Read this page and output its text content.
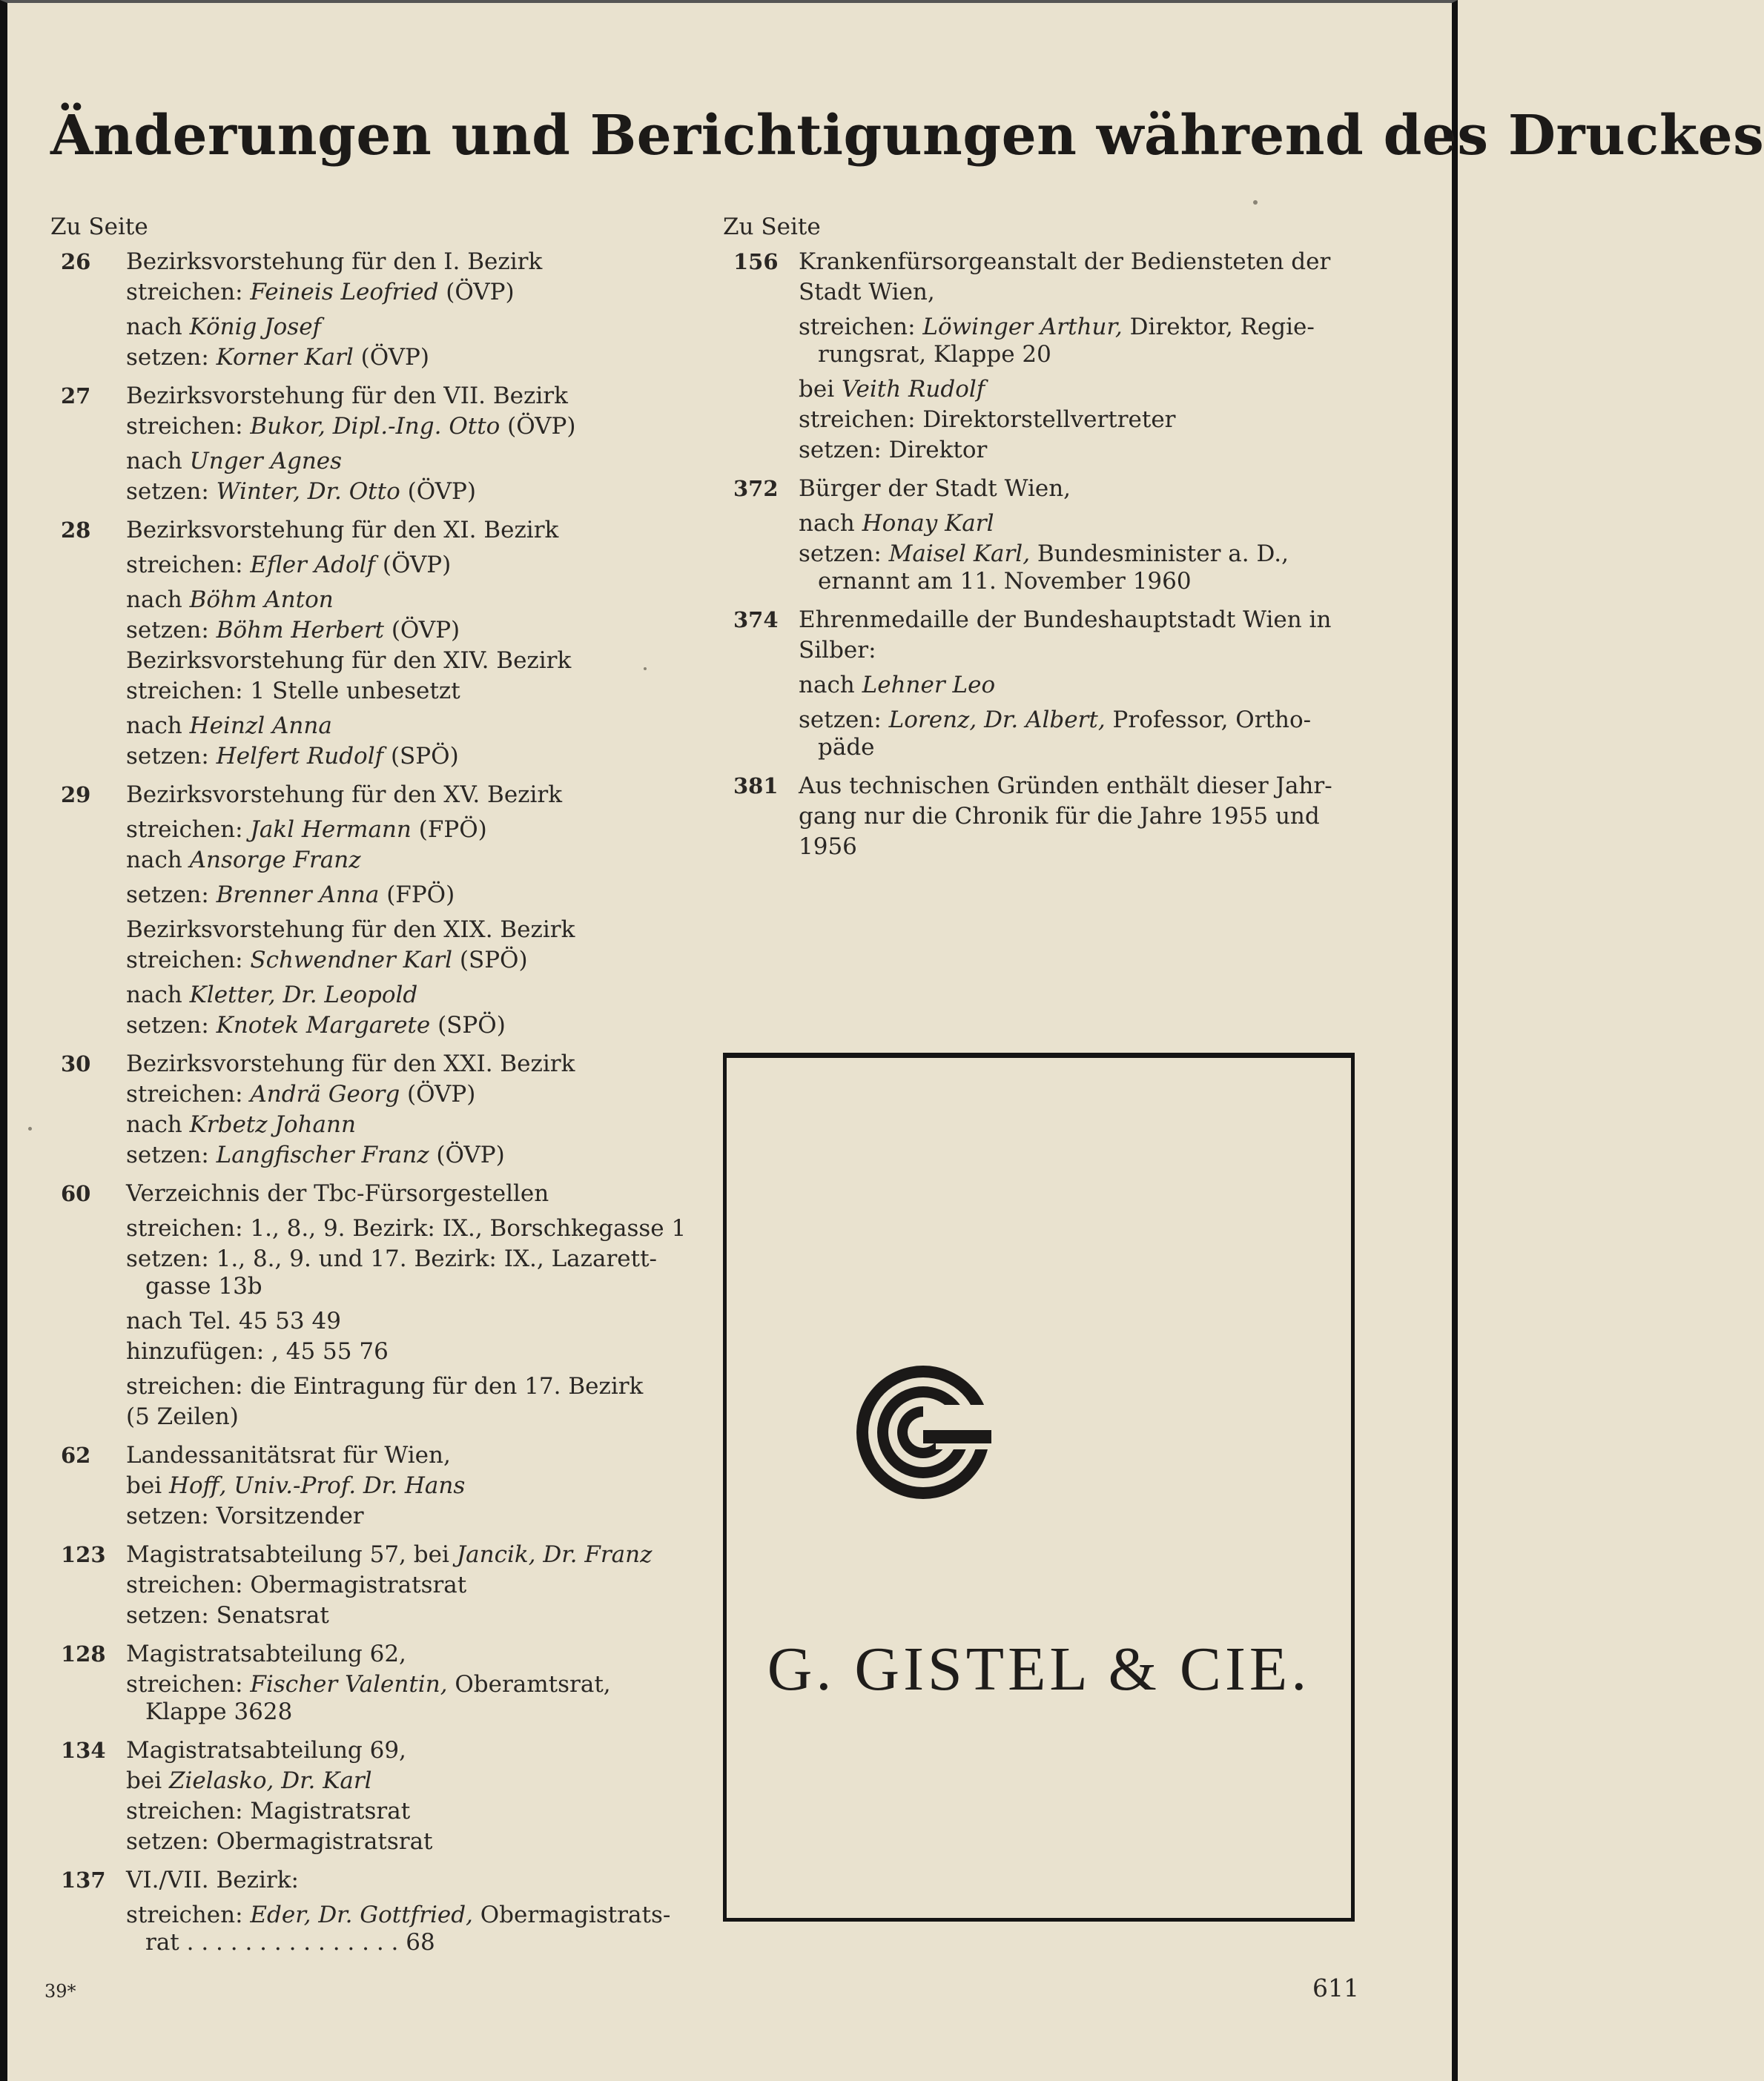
Änderungen und Berichtigungen während des Druckes
Zu Seite
26	Bezirksvorstehung für den I. Bezirk
streichen: Feineis Leofried (ÖVP)
nach König Josef
setzen: Korner Karl (ÖVP)
27	Bezirksvorstehung für den VII. Bezirk
streichen: Bukor, Dipl.-Ing. Otto (ÖVP)
nach Unger Agnes
setzen: Winter, Dr. Otto (ÖVP)
28	Bezirksvorstehung für den XI. Bezirk
streichen: Efler Adolf (ÖVP)
nach Böhm Anton
setzen: Böhm Herbert (ÖVP)
Bezirksvorstehung für den XIV. Bezirk
streichen: 1 Stelle unbesetzt
nach Heinzl Anna
setzen: Helfert Rudolf (SPÖ)
29	Bezirksvorstehung für den XV. Bezirk
streichen: Jakl Hermann (FPÖ)
nach Ansorge Franz
setzen: Brenner Anna (FPÖ)
Bezirksvorstehung für den XIX. Bezirk
streichen: Schwendner Karl (SPÖ)
nach Kletter, Dr. Leopold
setzen: Knotek Margarete (SPÖ)
30	Bezirksvorstehung für den XXI. Bezirk
streichen: Andrä Georg (ÖVP)
nach Krbetz Johann
setzen: Langfischer Franz (ÖVP)
60	Verzeichnis der Tbc-Fürsorgestellen
streichen: 1., 8., 9. Bezirk: IX., Borschkegasse 1
setzen: 1., 8., 9. und 17. Bezirk: IX., Lazarett-
gasse 13b
nach Tel. 45 53 49
hinzufügen: , 45 55 76
streichen: die Eintragung für den 17. Bezirk
(5 Zeilen)
62	Landessanitätsrat für Wien,
bei Hoff, Univ.-Prof. Dr. Hans
setzen: Vorsitzender
123 Magistratsabteilung 57, bei Jancik, Dr. Franz
streichen: Obermagistratsrat
setzen: Senatsrat
128 Magistratsabteilung 62,
streichen: Fischer Valentin, Oberamtsrat,
Klappe 3628
134 Magistratsabteilung 69,
bei Zielasko, Dr. Karl
streichen: Magistratsrat
setzen: Obermagistratsrat
137 VI./VII. Bezirk:
streichen: Eder, Dr. Gottfried, Obermagistrats-
rat . . . . . . . . . . . . . . . 68
Zu Seite
156 Krankenfürsorgeanstalt der Bediensteten der
Stadt Wien,
streichen: Löwinger Arthur, Direktor, Regie-
rungsrat, Klappe 20
bei Veith Rudolf
streichen: Direktorstellvertreter
setzen: Direktor
372 Bürger der Stadt Wien,
nach Honay Karl
setzen: Maisel Karl, Bundesminister a. D.,
ernannt am 11. November 1960
374 Ehrenmedaille der Bundeshauptstadt Wien in
Silber:
nach Lehner Leo
setzen: Lorenz, Dr. Albert, Professor, Ortho-
päde
381 Aus technischen Gründen enthält dieser Jahr-
gang nur die Chronik für die Jahre 1955 und
1956
G. GISTEL & CIE.
39*	611
